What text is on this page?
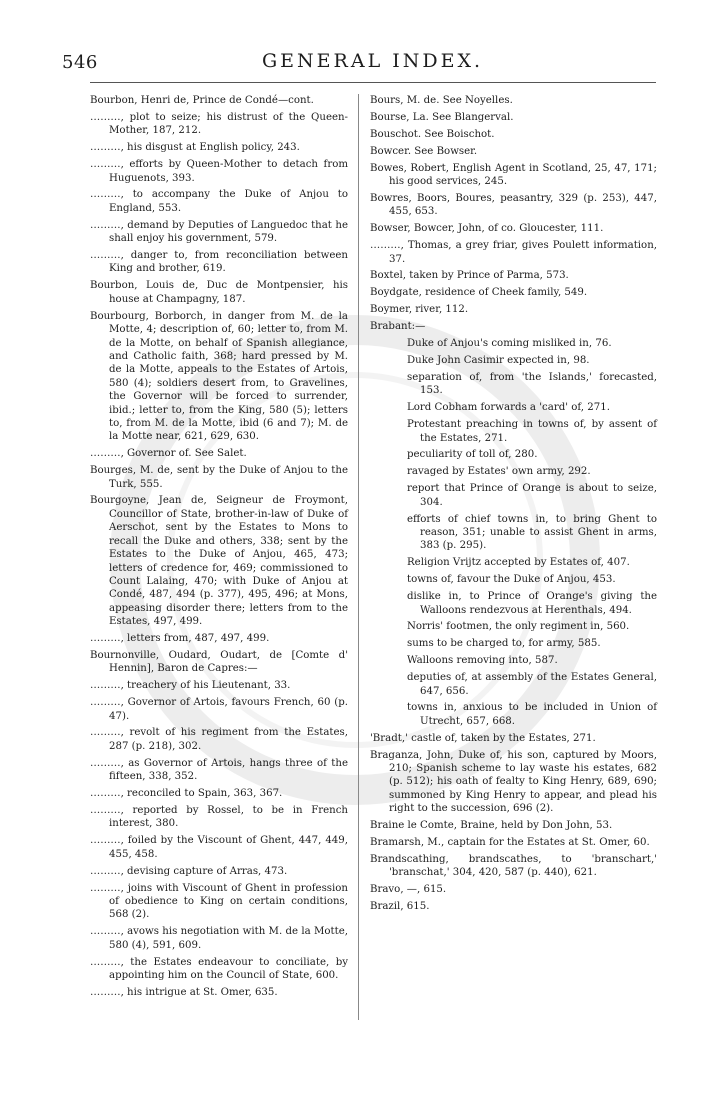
546	GENERAL INDEX.
Bourbon, Henri de, Prince de Condé—cont.
………, plot to seize; his distrust of the Queen-Mother, 187, 212.
………, his disgust at English policy, 243.
………, efforts by Queen-Mother to detach from Huguenots, 393.
………, to accompany the Duke of Anjou to England, 553.
………, demand by Deputies of Languedoc that he shall enjoy his government, 579.
………, danger to, from reconciliation between King and brother, 619.
Bourbon, Louis de, Duc de Montpensier, his house at Champagny, 187.
Bourbourg, Borborch, in danger from M. de la Motte, 4; description of, 60; letter to, from M. de la Motte, on behalf of Spanish allegiance, and Catholic faith, 368; hard pressed by M. de la Motte, appeals to the Estates of Artois, 580 (4); soldiers desert from, to Gravelines, the Governor will be forced to surrender, ibid.; letter to, from the King, 580 (5); letters to, from M. de la Motte, ibid (6 and 7); M. de la Motte near, 621, 629, 630.
………, Governor of. See Salet.
Bourges, M. de, sent by the Duke of Anjou to the Turk, 555.
Bourgoyne, Jean de, Seigneur de Froymont, Councillor of State, brother-in-law of Duke of Aerschot, sent by the Estates to Mons to recall the Duke and others, 338; sent by the Estates to the Duke of Anjou, 465, 473; letters of credence for, 469; commissioned to Count Lalaing, 470; with Duke of Anjou at Condé, 487, 494 (p. 377), 495, 496; at Mons, appeasing disorder there; letters from to the Estates, 497, 499.
………, letters from, 487, 497, 499.
Bournonville, Oudard, Oudart, de [Comte d' Hennin], Baron de Capres:—
………, treachery of his Lieutenant, 33.
………, Governor of Artois, favours French, 60 (p. 47).
………, revolt of his regiment from the Estates, 287 (p. 218), 302.
………, as Governor of Artois, hangs three of the fifteen, 338, 352.
………, reconciled to Spain, 363, 367.
………, reported by Rossel, to be in French interest, 380.
………, foiled by the Viscount of Ghent, 447, 449, 455, 458.
………, devising capture of Arras, 473.
………, joins with Viscount of Ghent in profession of obedience to King on certain conditions, 568 (2).
………, avows his negotiation with M. de la Motte, 580 (4), 591, 609.
………, the Estates endeavour to conciliate, by appointing him on the Council of State, 600.
………, his intrigue at St. Omer, 635.
Bours, M. de. See Noyelles.
Bourse, La. See Blangerval.
Bouschot. See Boischot.
Bowcer. See Bowser.
Bowes, Robert, English Agent in Scotland, 25, 47, 171; his good services, 245.
Bowres, Boors, Boures, peasantry, 329 (p. 253), 447, 455, 653.
Bowser, Bowcer, John, of co. Gloucester, 111.
………, Thomas, a grey friar, gives Poulett information, 37.
Boxtel, taken by Prince of Parma, 573.
Boydgate, residence of Cheek family, 549.
Boymer, river, 112.
Brabant:—
Duke of Anjou's coming misliked in, 76.
Duke John Casimir expected in, 98.
separation of, from 'the Islands,' forecasted, 153.
Lord Cobham forwards a 'card' of, 271.
Protestant preaching in towns of, by assent of the Estates, 271.
peculiarity of toll of, 280.
ravaged by Estates' own army, 292.
report that Prince of Orange is about to seize, 304.
efforts of chief towns in, to bring Ghent to reason, 351; unable to assist Ghent in arms, 383 (p. 295).
Religion Vrijtz accepted by Estates of, 407.
towns of, favour the Duke of Anjou, 453.
dislike in, to Prince of Orange's giving the Walloons rendezvous at Herenthals, 494.
Norris' footmen, the only regiment in, 560.
sums to be charged to, for army, 585.
Walloons removing into, 587.
deputies of, at assembly of the Estates General, 647, 656.
towns in, anxious to be included in Union of Utrecht, 657, 668.
'Bradt,' castle of, taken by the Estates, 271.
Braganza, John, Duke of, his son, captured by Moors, 210; Spanish scheme to lay waste his estates, 682 (p. 512); his oath of fealty to King Henry, 689, 690; summoned by King Henry to appear, and plead his right to the succession, 696 (2).
Braine le Comte, Braine, held by Don John, 53.
Bramarsh, M., captain for the Estates at St. Omer, 60.
Brandscathing, brandscathes, to 'branschart,' 'branschat,' 304, 420, 587 (p. 440), 621.
Bravo, —, 615.
Brazil, 615.
